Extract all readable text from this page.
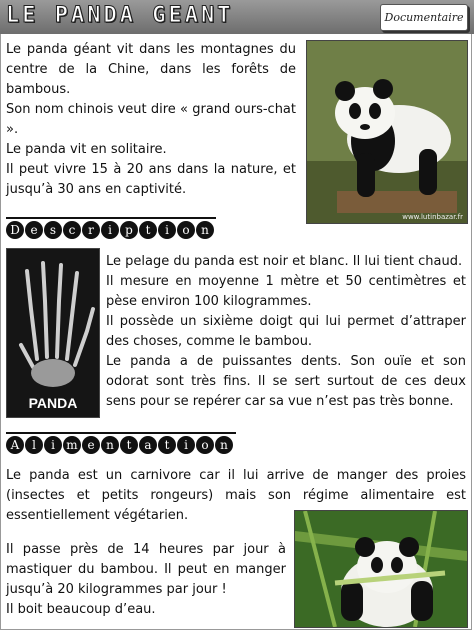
LE PANDA GEANT	Documentaire
Le panda géant vit dans les montagnes du centre de la Chine, dans les forêts de bambous.
Son nom chinois veut dire « grand ours-chat ».
Le panda vit en solitaire.
Il peut vivre 15 à 20 ans dans la nature, et jusqu’à 30 ans en captivité.
www.lutinbazar.fr
D e	s	c	r	i	p	t	i	o n
PANDA
Le pelage du panda est noir et blanc. Il lui tient chaud.
Il mesure en moyenne 1 mètre et 50 centimètres et pèse environ 100 kilogrammes.
Il possède un sixième doigt qui lui permet d’attraper des choses, comme le bambou.
Le panda a de puissantes dents. Son ouïe et son odorat sont très fins. Il se sert surtout de ces deux sens pour se repérer car sa vue n’est pas très bonne.
A	l	i m e n	t	a	t	i	o n
Le panda est un carnivore car il lui arrive de manger des proies (insectes et petits rongeurs) mais son régime alimentaire est essentiellement végétarien.
Il passe près de 14 heures par jour à mastiquer du bambou. Il peut en manger jusqu’à 20 kilogrammes par jour !
Il boit beaucoup d’eau.
